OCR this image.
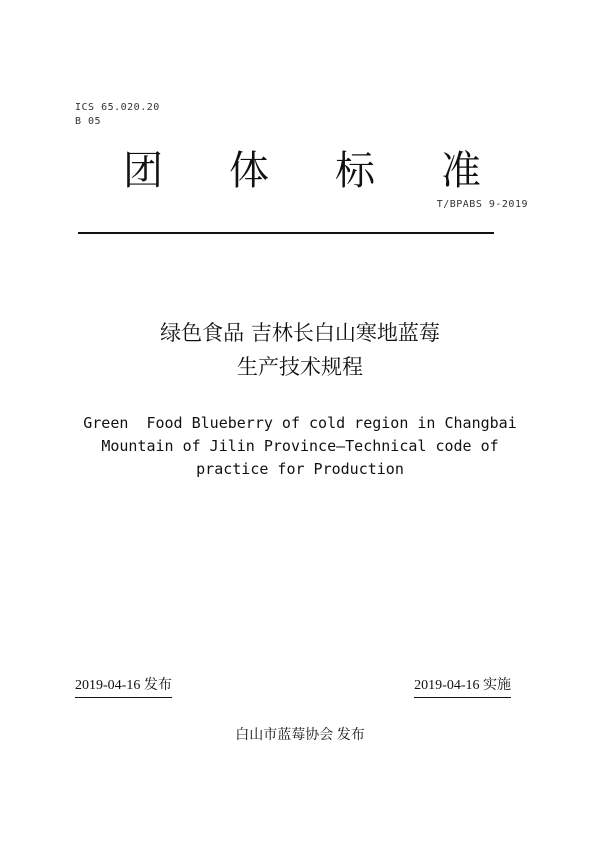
ICS 65.020.20
B 05
团 体 标 准
T/BPABS 9-2019
绿色食品 吉林长白山寒地蓝莓
生产技术规程
Green  Food Blueberry of cold region in Changbai
Mountain of Jilin Province—Technical code of
practice for Production
2019-04-16 发布	2019-04-16 实施
白山市蓝莓协会 发布
